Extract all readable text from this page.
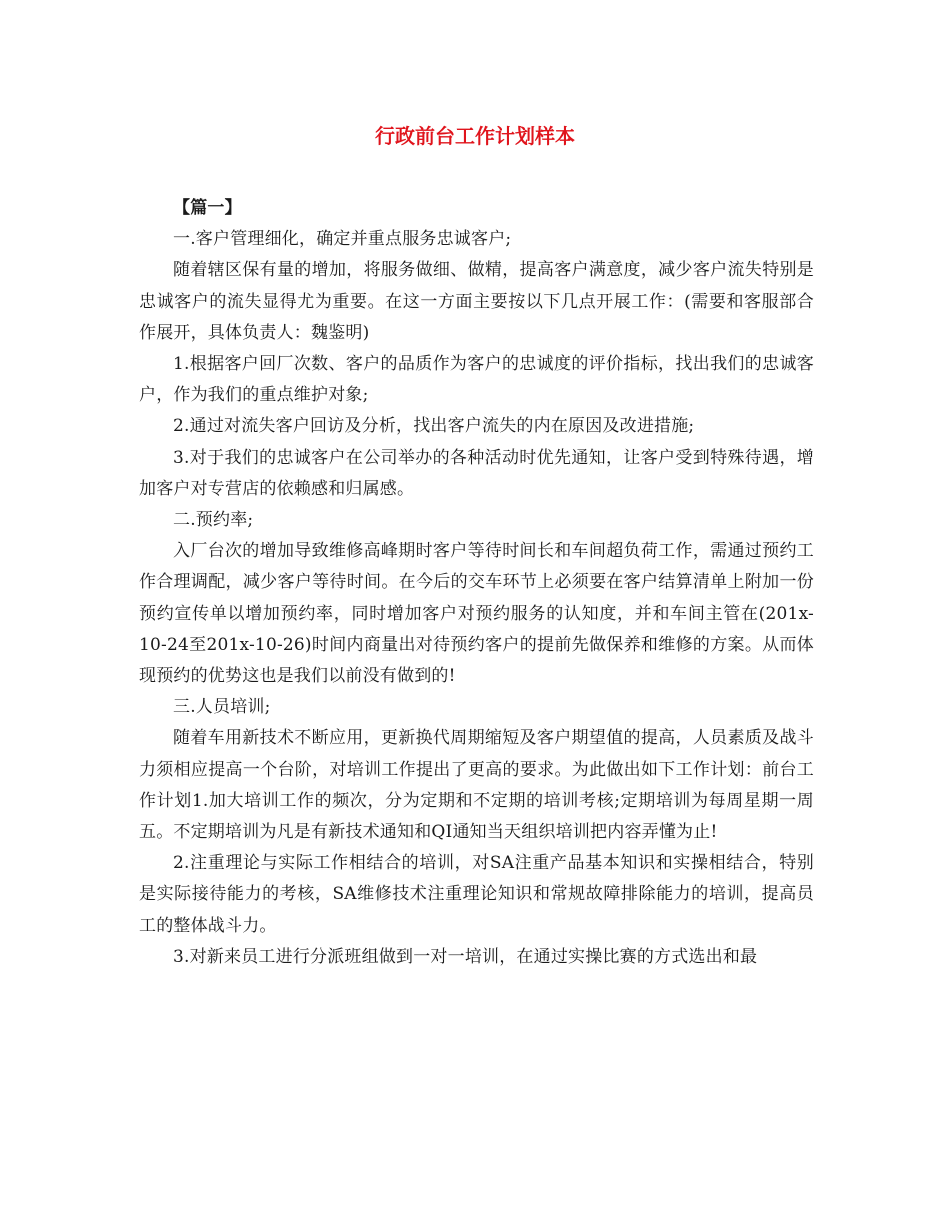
行政前台工作计划样本

【篇一】

一.客户管理细化，确定并重点服务忠诚客户;

随着辖区保有量的增加，将服务做细、做精，提高客户满意度，减少客户流失特别是忠诚客户的流失显得尤为重要。在这一方面主要按以下几点开展工作：(需要和客服部合作展开，具体负责人：魏鉴明)

1.根据客户回厂次数、客户的品质作为客户的忠诚度的评价指标，找出我们的忠诚客户，作为我们的重点维护对象;

2.通过对流失客户回访及分析，找出客户流失的内在原因及改进措施;

3.对于我们的忠诚客户在公司举办的各种活动时优先通知，让客户受到特殊待遇，增加客户对专营店的依赖感和归属感。

二.预约率;

入厂台次的增加导致维修高峰期时客户等待时间长和车间超负荷工作，需通过预约工作合理调配，减少客户等待时间。在今后的交车环节上必须要在客户结算清单上附加一份预约宣传单以增加预约率，同时增加客户对预约服务的认知度，并和车间主管在(201x-10-24至201x-10-26)时间内商量出对待预约客户的提前先做保养和维修的方案。从而体现预约的优势这也是我们以前没有做到的!

三.人员培训;

随着车用新技术不断应用，更新换代周期缩短及客户期望值的提高，人员素质及战斗力须相应提高一个台阶，对培训工作提出了更高的要求。为此做出如下工作计划：前台工作计划1.加大培训工作的频次，分为定期和不定期的培训考核;定期培训为每周星期一周五。不定期培训为凡是有新技术通知和QI通知当天组织培训把内容弄懂为止!

2.注重理论与实际工作相结合的培训，对SA注重产品基本知识和实操相结合，特别是实际接待能力的考核，SA维修技术注重理论知识和常规故障排除能力的培训，提高员工的整体战斗力。

3.对新来员工进行分派班组做到一对一培训，在通过实操比赛的方式选出和最
